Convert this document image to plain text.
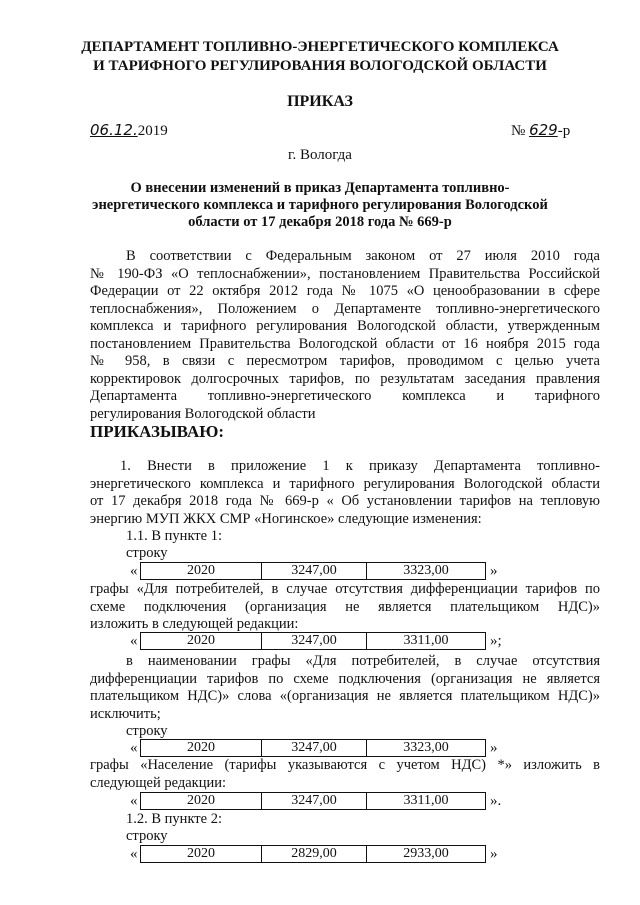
ДЕПАРТАМЕНТ ТОПЛИВНО-ЭНЕРГЕТИЧЕСКОГО КОМПЛЕКСА
И ТАРИФНОГО РЕГУЛИРОВАНИЯ ВОЛОГОДСКОЙ ОБЛАСТИ
ПРИКАЗ
06.12.2019	№ 629-р
г. Вологда
О внесении изменений в приказ Департамента топливно-
энергетического комплекса и тарифного регулирования Вологодской
области от 17 декабря 2018 года № 669-р
В соответствии с Федеральным законом от 27 июля 2010 года
№ 190-ФЗ «О теплоснабжении», постановлением Правительства Российской
Федерации от 22 октября 2012 года № 1075 «О ценообразовании в сфере
теплоснабжения», Положением о Департаменте топливно-энергетического
комплекса и тарифного регулирования Вологодской области, утвержденным
постановлением Правительства Вологодской области от 16 ноября 2015 года
№ 958, в связи с пересмотром тарифов, проводимом с целью учета
корректировок долгосрочных тарифов, по результатам заседания правления
Департамента топливно-энергетического комплекса и тарифного
регулирования Вологодской области
ПРИКАЗЫВАЮ:
1. Внести в приложение 1 к приказу Департамента топливно-
энергетического комплекса и тарифного регулирования Вологодской области
от 17 декабря 2018 года № 669-р « Об установлении тарифов на тепловую
энергию МУП ЖКХ СМР «Ногинское» следующие изменения:
1.1. В пункте 1:
строку
«	2020	3247,00	3323,00	»
графы «Для потребителей, в случае отсутствия дифференциации тарифов по
схеме подключения (организация не является плательщиком НДС)»
изложить в следующей редакции:
«	2020	3247,00	3311,00	»;
в наименовании графы «Для потребителей, в случае отсутствия
дифференциации тарифов по схеме подключения (организация не является
плательщиком НДС)» слова «(организация не является плательщиком НДС)»
исключить;
строку
«	2020	3247,00	3323,00	»
графы «Население (тарифы указываются с учетом НДС) *» изложить в
следующей редакции:
«	2020	3247,00	3311,00	».
1.2. В пункте 2:
строку
«	2020	2829,00	2933,00	»
